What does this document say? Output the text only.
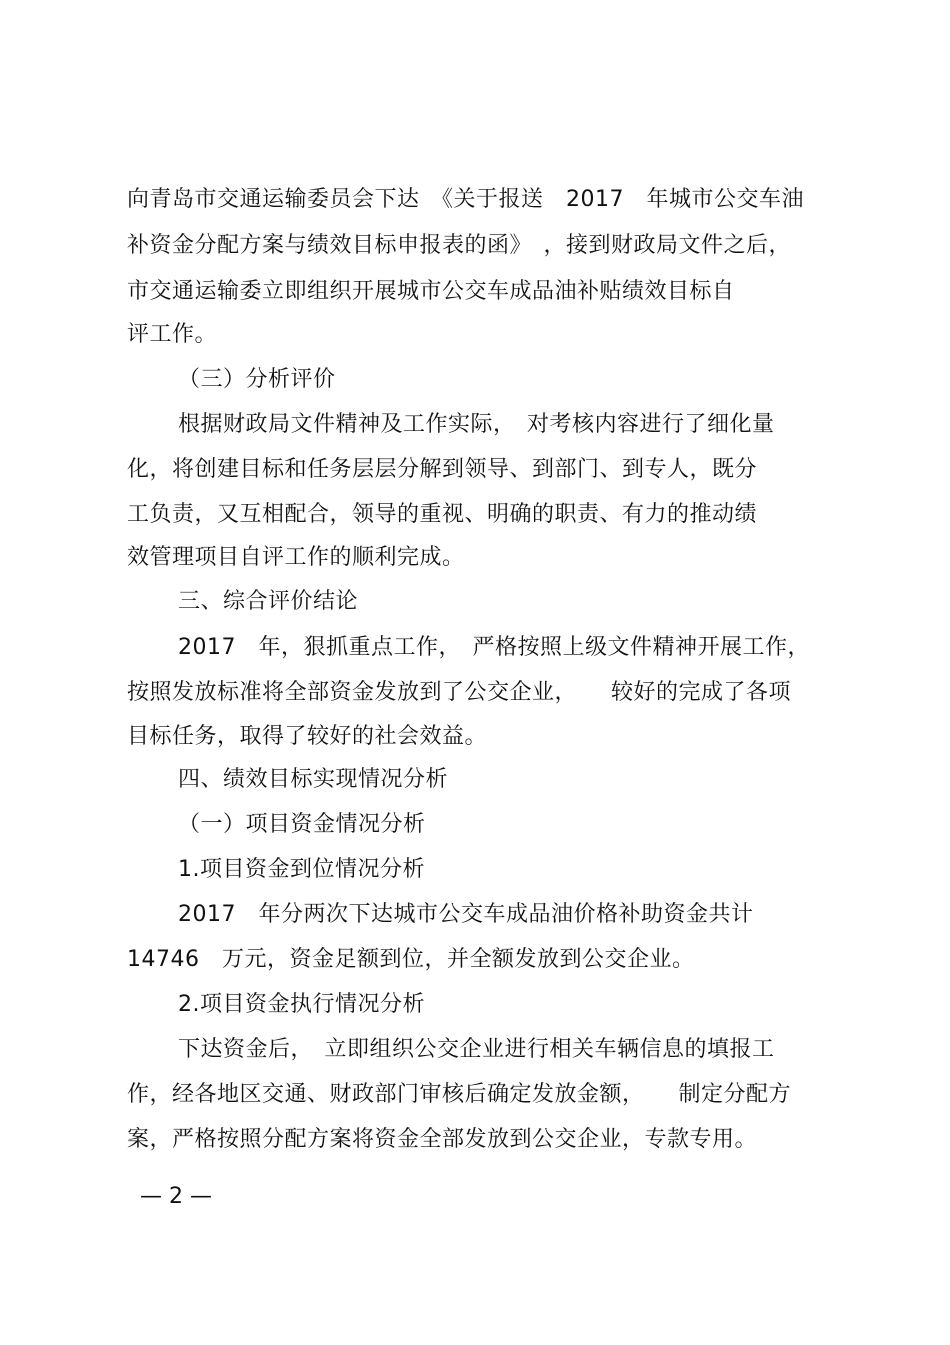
向青岛市交通运输委员会下达　《关于报送　2017　年城市公交车油
补资金分配方案与绩效目标申报表的函》　，接到财政局文件之后，
市交通运输委立即组织开展城市公交车成品油补贴绩效目标自
评工作。
（三）分析评价
根据财政局文件精神及工作实际，　对考核内容进行了细化量
化，将创建目标和任务层层分解到领导、到部门、到专人，既分
工负责，又互相配合，领导的重视、明确的职责、有力的推动绩
效管理项目自评工作的顺利完成。
三、综合评价结论
2017　年，狠抓重点工作，　严格按照上级文件精神开展工作，
按照发放标准将全部资金发放到了公交企业，　　较好的完成了各项
目标任务，取得了较好的社会效益。
四、绩效目标实现情况分析
（一）项目资金情况分析
1.项目资金到位情况分析
2017　年分两次下达城市公交车成品油价格补助资金共计
14746　万元，资金足额到位，并全额发放到公交企业。
2.项目资金执行情况分析
下达资金后，　立即组织公交企业进行相关车辆信息的填报工
作，经各地区交通、财政部门审核后确定发放金额，　　制定分配方
案，严格按照分配方案将资金全部发放到公交企业，专款专用。
— 2 —
